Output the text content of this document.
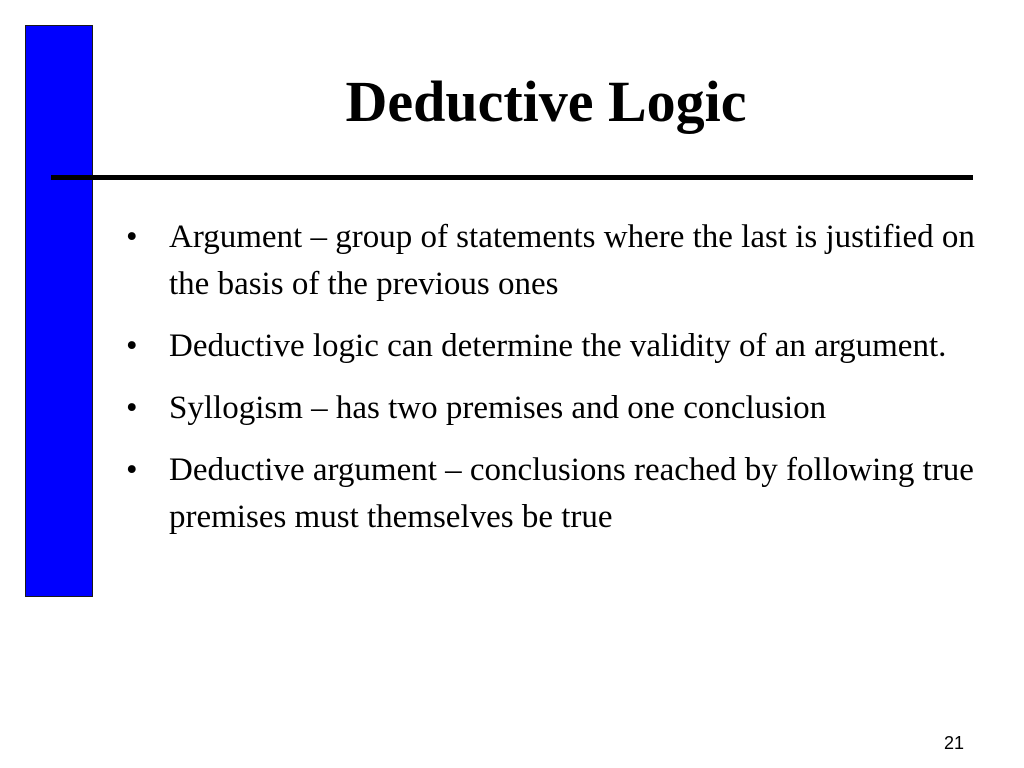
Deductive Logic
• Argument – group of statements where the last is justified on the basis of the previous ones
• Deductive logic can determine the validity of an argument.
• Syllogism – has two premises and one conclusion
• Deductive argument – conclusions reached by following true premises must themselves be true
21
